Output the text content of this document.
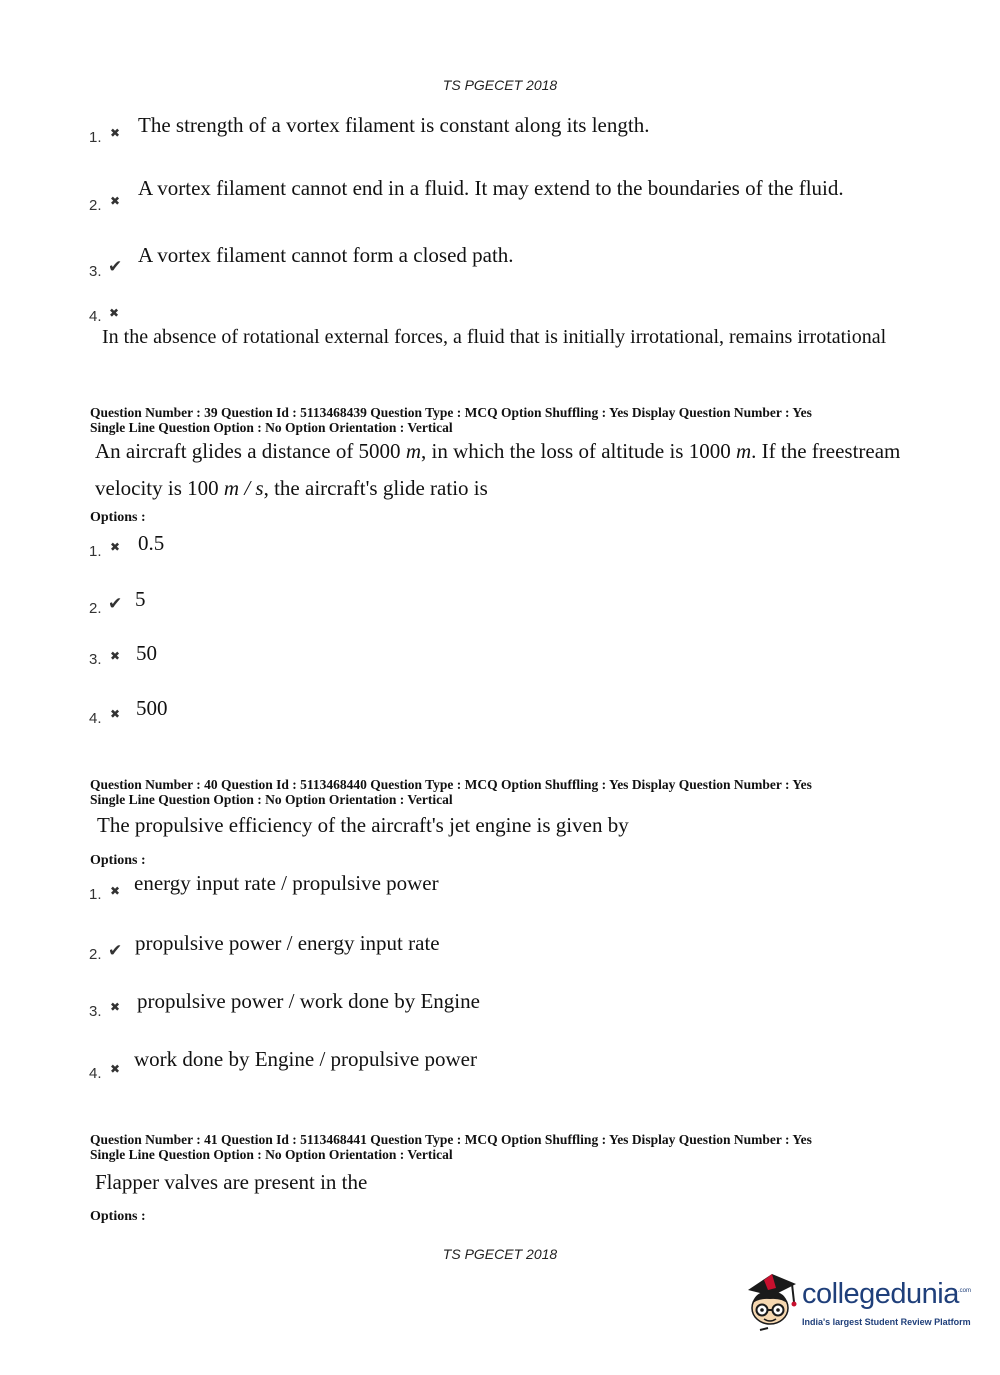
TS PGECET 2018
1. ✖ The strength of a vortex filament is constant along its length.
2. ✖
A vortex filament cannot end in a fluid. It may extend to the boundaries of the fluid.
3. ✔ A vortex filament cannot form a closed path.
4. ✖
In the absence of rotational external forces, a fluid that is initially irrotational, remains irrotational
Question Number : 39 Question Id : 5113468439 Question Type : MCQ Option Shuffling : Yes Display Question Number : Yes
Single Line Question Option : No Option Orientation : Vertical
An aircraft glides a distance of 5000 m, in which the loss of altitude is 1000 m. If the freestream
velocity is 100 m / s, the aircraft's glide ratio is
Options :
1. ✖ 0.5
2. ✔ 5
3. ✖ 50
4. ✖ 500
Question Number : 40 Question Id : 5113468440 Question Type : MCQ Option Shuffling : Yes Display Question Number : Yes
Single Line Question Option : No Option Orientation : Vertical
The propulsive efficiency of the aircraft's jet engine is given by
Options :
1. ✖ energy input rate / propulsive power
2. ✔ propulsive power / energy input rate
3. ✖ propulsive power / work done by Engine
4. ✖ work done by Engine / propulsive power
Question Number : 41 Question Id : 5113468441 Question Type : MCQ Option Shuffling : Yes Display Question Number : Yes
Single Line Question Option : No Option Orientation : Vertical
Flapper valves are present in the
Options :
TS PGECET 2018
collegedunia .com
India's largest Student Review Platform
